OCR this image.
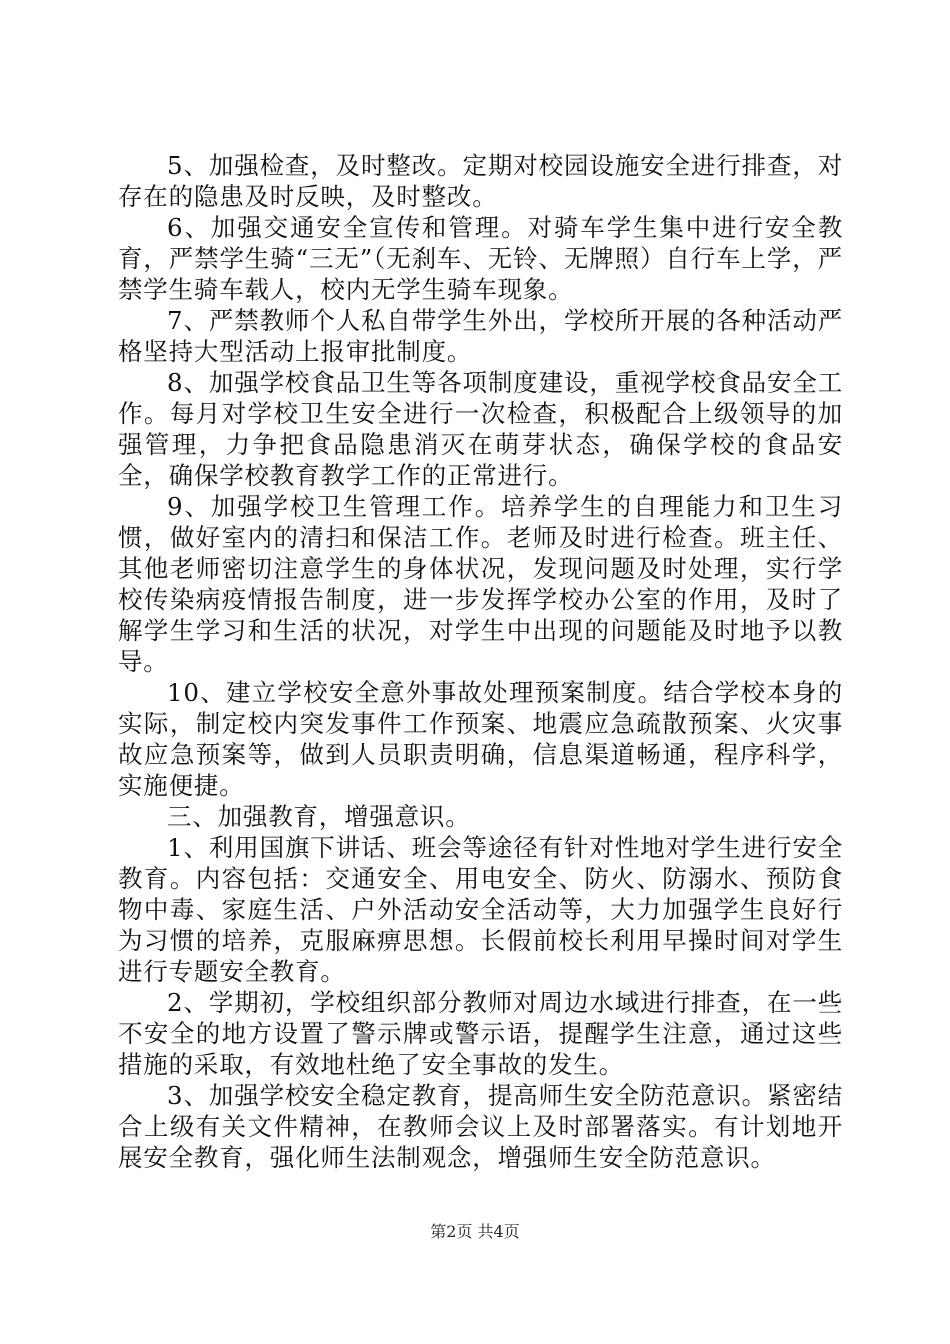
5、加强检查，及时整改。定期对校园设施安全进行排查，对存在的隐患及时反映，及时整改。

6、加强交通安全宣传和管理。对骑车学生集中进行安全教育，严禁学生骑“三无”（无刹车、无铃、无牌照）自行车上学，严禁学生骑车载人，校内无学生骑车现象。

7、严禁教师个人私自带学生外出，学校所开展的各种活动严格坚持大型活动上报审批制度。

8、加强学校食品卫生等各项制度建设，重视学校食品安全工作。每月对学校卫生安全进行一次检查，积极配合上级领导的加强管理，力争把食品隐患消灭在萌芽状态，确保学校的食品安全，确保学校教育教学工作的正常进行。

9、加强学校卫生管理工作。培养学生的自理能力和卫生习惯，做好室内的清扫和保洁工作。老师及时进行检查。班主任、其他老师密切注意学生的身体状况，发现问题及时处理，实行学校传染病疫情报告制度，进一步发挥学校办公室的作用，及时了解学生学习和生活的状况，对学生中出现的问题能及时地予以教导。

10、建立学校安全意外事故处理预案制度。结合学校本身的实际，制定校内突发事件工作预案、地震应急疏散预案、火灾事故应急预案等，做到人员职责明确，信息渠道畅通，程序科学，实施便捷。

三、加强教育，增强意识。

1、利用国旗下讲话、班会等途径有针对性地对学生进行安全教育。内容包括：交通安全、用电安全、防火、防溺水、预防食物中毒、家庭生活、户外活动安全活动等，大力加强学生良好行为习惯的培养，克服麻痹思想。长假前校长利用早操时间对学生进行专题安全教育。

2、学期初，学校组织部分教师对周边水域进行排查，在一些不安全的地方设置了警示牌或警示语，提醒学生注意，通过这些措施的采取，有效地杜绝了安全事故的发生。

3、加强学校安全稳定教育，提高师生安全防范意识。紧密结合上级有关文件精神，在教师会议上及时部署落实。有计划地开展安全教育，强化师生法制观念，增强师生安全防范意识。

第2页 共4页
